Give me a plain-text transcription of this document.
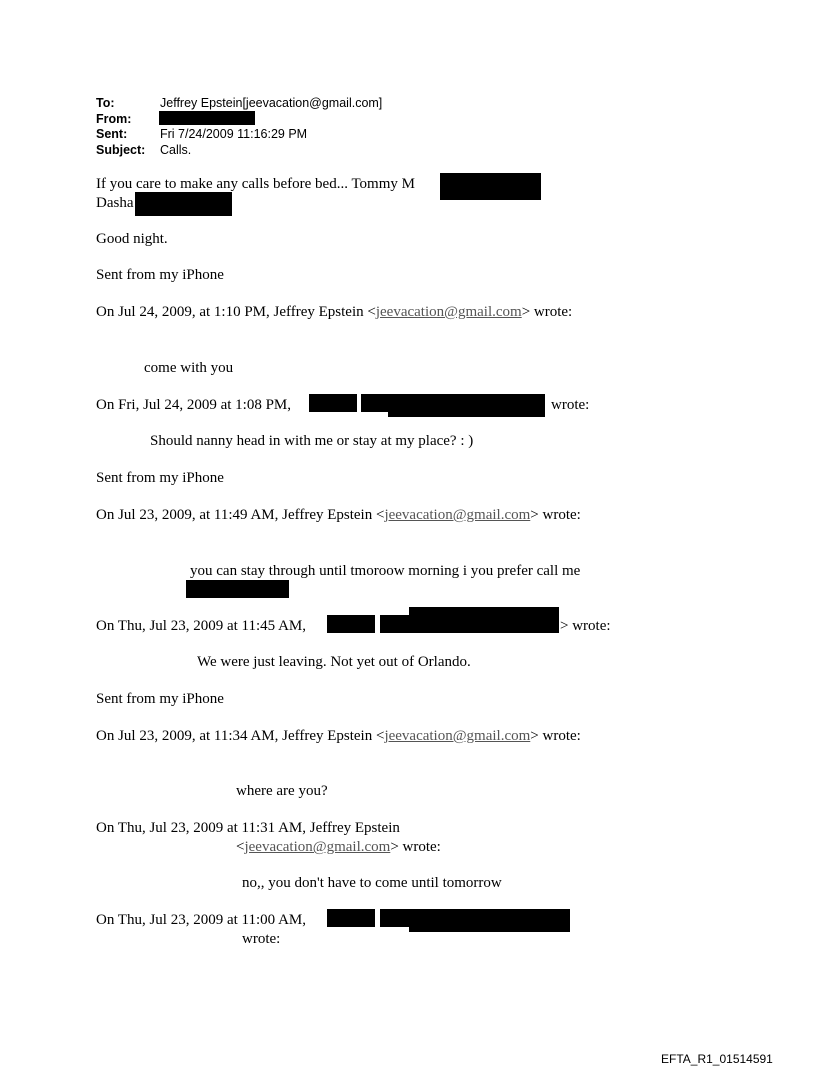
To:	Jeffrey Epstein[jeevacation@gmail.com]
From:
Sent:	Fri 7/24/2009 11:16:29 PM
Subject: Calls.
If you care to make any calls before bed... Tommy M
Dasha
Good night.
Sent from my iPhone
On Jul 24, 2009, at 1:10 PM, Jeffrey Epstein <jeevacation@gmail.com> wrote:
come with you
On Fri, Jul 24, 2009 at 1:08 PM,	wrote:
Should nanny head in with me or stay at my place? : )
Sent from my iPhone
On Jul 23, 2009, at 11:49 AM, Jeffrey Epstein <jeevacation@gmail.com> wrote:
you can stay through until tmoroow morning i you prefer call me
On Thu, Jul 23, 2009 at 11:45 AM,	> wrote:
We were just leaving. Not yet out of Orlando.
Sent from my iPhone
On Jul 23, 2009, at 11:34 AM, Jeffrey Epstein <jeevacation@gmail.com> wrote:
where are you?
On Thu, Jul 23, 2009 at 11:31 AM, Jeffrey Epstein
<jeevacation@gmail.com> wrote:
no,, you don't have to come until tomorrow
On Thu, Jul 23, 2009 at 11:00 AM,
wrote:
EFTA_R1_01514591
